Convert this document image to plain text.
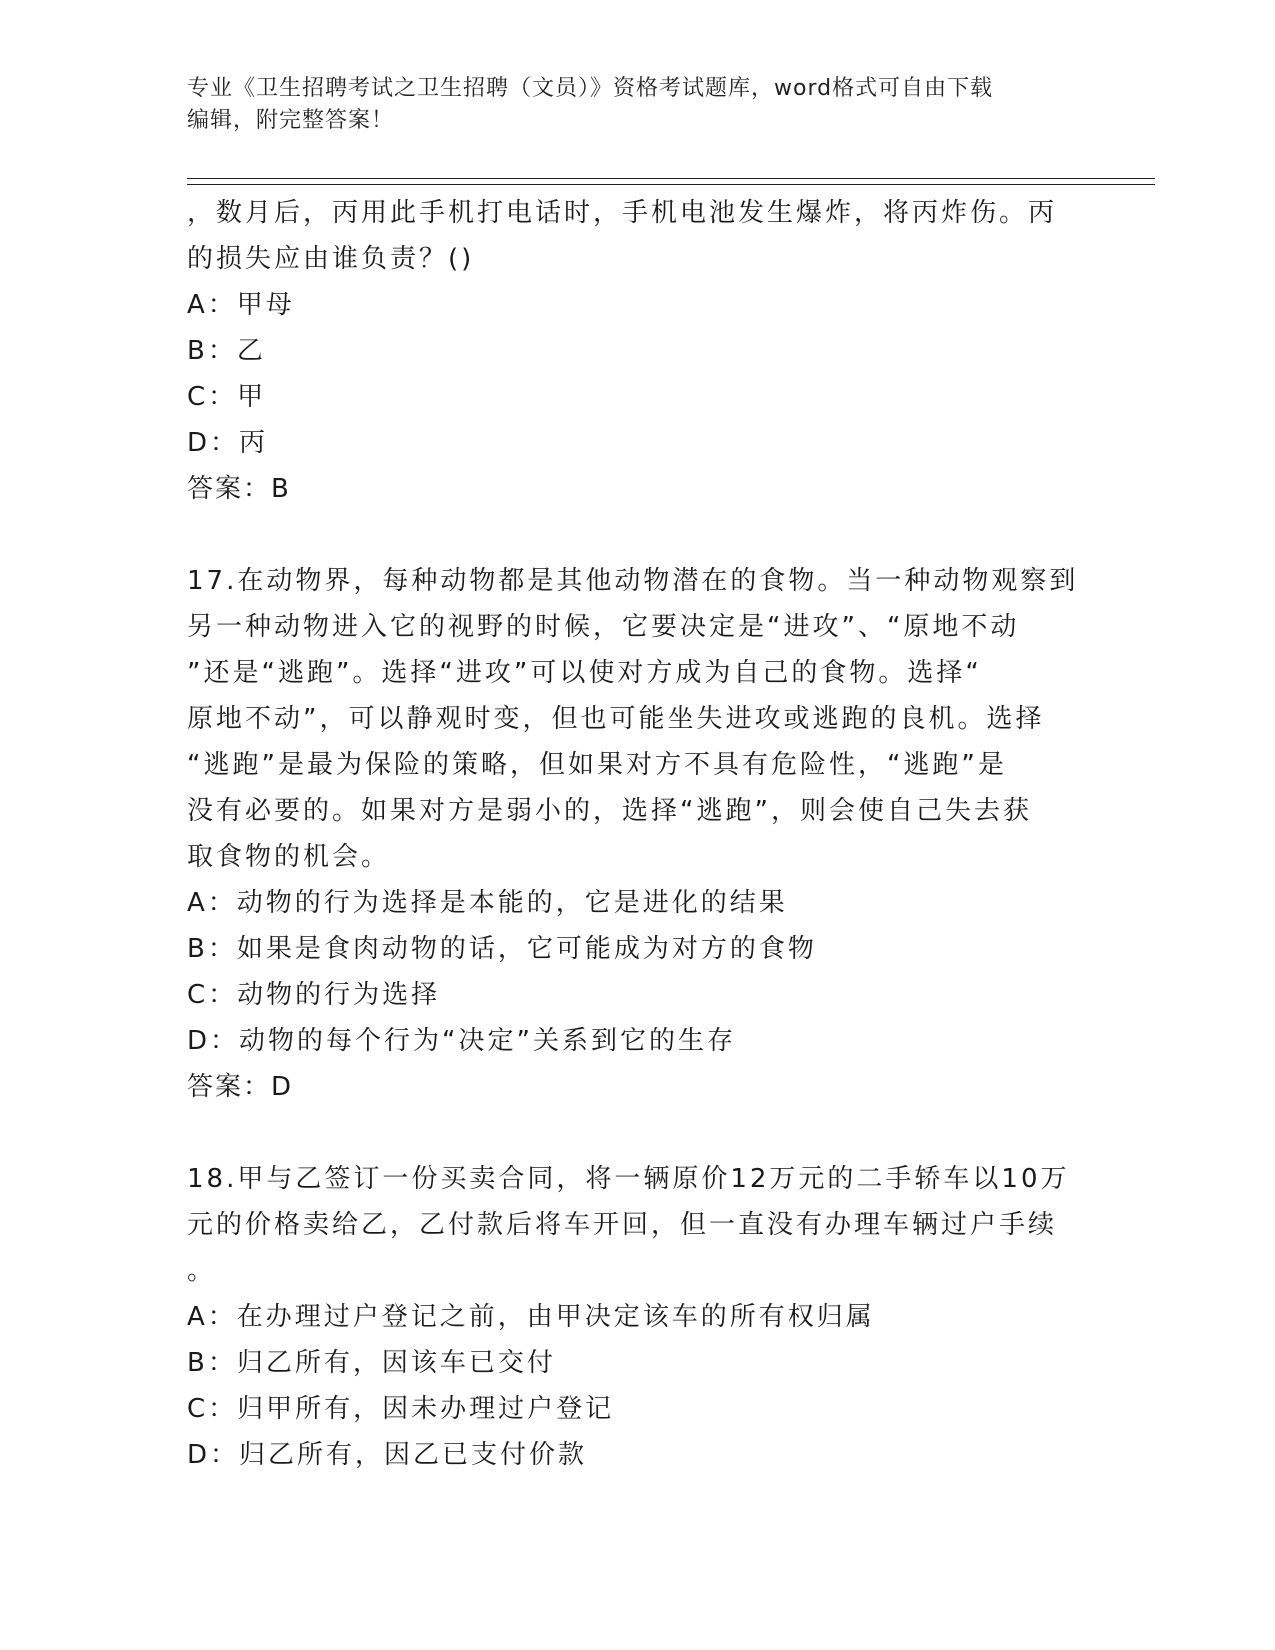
专业《卫生招聘考试之卫生招聘（文员）》资格考试题库，word格式可自由下载
编辑，附完整答案！
，数月后，丙用此手机打电话时，手机电池发生爆炸，将丙炸伤。丙
的损失应由谁负责？()
A：甲母
B：乙
C：甲
D：丙
答案：B
17.在动物界，每种动物都是其他动物潜在的食物。当一种动物观察到
另一种动物进入它的视野的时候，它要决定是“进攻”、“原地不动
”还是“逃跑”。选择“进攻”可以使对方成为自己的食物。选择“
原地不动”，可以静观时变，但也可能坐失进攻或逃跑的良机。选择
“逃跑”是最为保险的策略，但如果对方不具有危险性，“逃跑”是
没有必要的。如果对方是弱小的，选择“逃跑”，则会使自己失去获
取食物的机会。
A：动物的行为选择是本能的，它是进化的结果
B：如果是食肉动物的话，它可能成为对方的食物
C：动物的行为选择
D：动物的每个行为“决定”关系到它的生存
答案：D
18.甲与乙签订一份买卖合同，将一辆原价12万元的二手轿车以10万
元的价格卖给乙，乙付款后将车开回，但一直没有办理车辆过户手续
。
A：在办理过户登记之前，由甲决定该车的所有权归属
B：归乙所有，因该车已交付
C：归甲所有，因未办理过户登记
D：归乙所有，因乙已支付价款
